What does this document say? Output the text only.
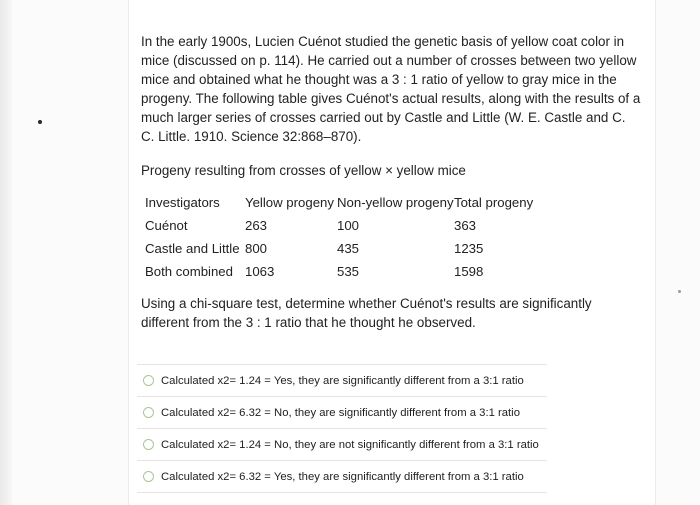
In the early 1900s, Lucien Cuénot studied the genetic basis of yellow coat color in mice (discussed on p. 114). He carried out a number of crosses between two yellow mice and obtained what he thought was a 3 : 1 ratio of yellow to gray mice in the progeny. The following table gives Cuénot's actual results, along with the results of a much larger series of crosses carried out by Castle and Little (W. E. Castle and C. C. Little. 1910. Science 32:868–870).
Progeny resulting from crosses of yellow × yellow mice
Investigators	Yellow progeny	Non-yellow progeny	Total progeny
Cuénot	263	100	363
Castle and Little	800	435	1235
Both combined	1063	535	1598
Using a chi-square test, determine whether Cuénot's results are significantly different from the 3 : 1 ratio that he thought he observed.
Calculated x2= 1.24 = Yes, they are significantly different from a 3:1 ratio
Calculated x2= 6.32 = No, they are significantly different from a 3:1 ratio
Calculated x2= 1.24 = No, they are not significantly different from a 3:1 ratio
Calculated x2= 6.32 = Yes, they are significantly different from a 3:1 ratio
